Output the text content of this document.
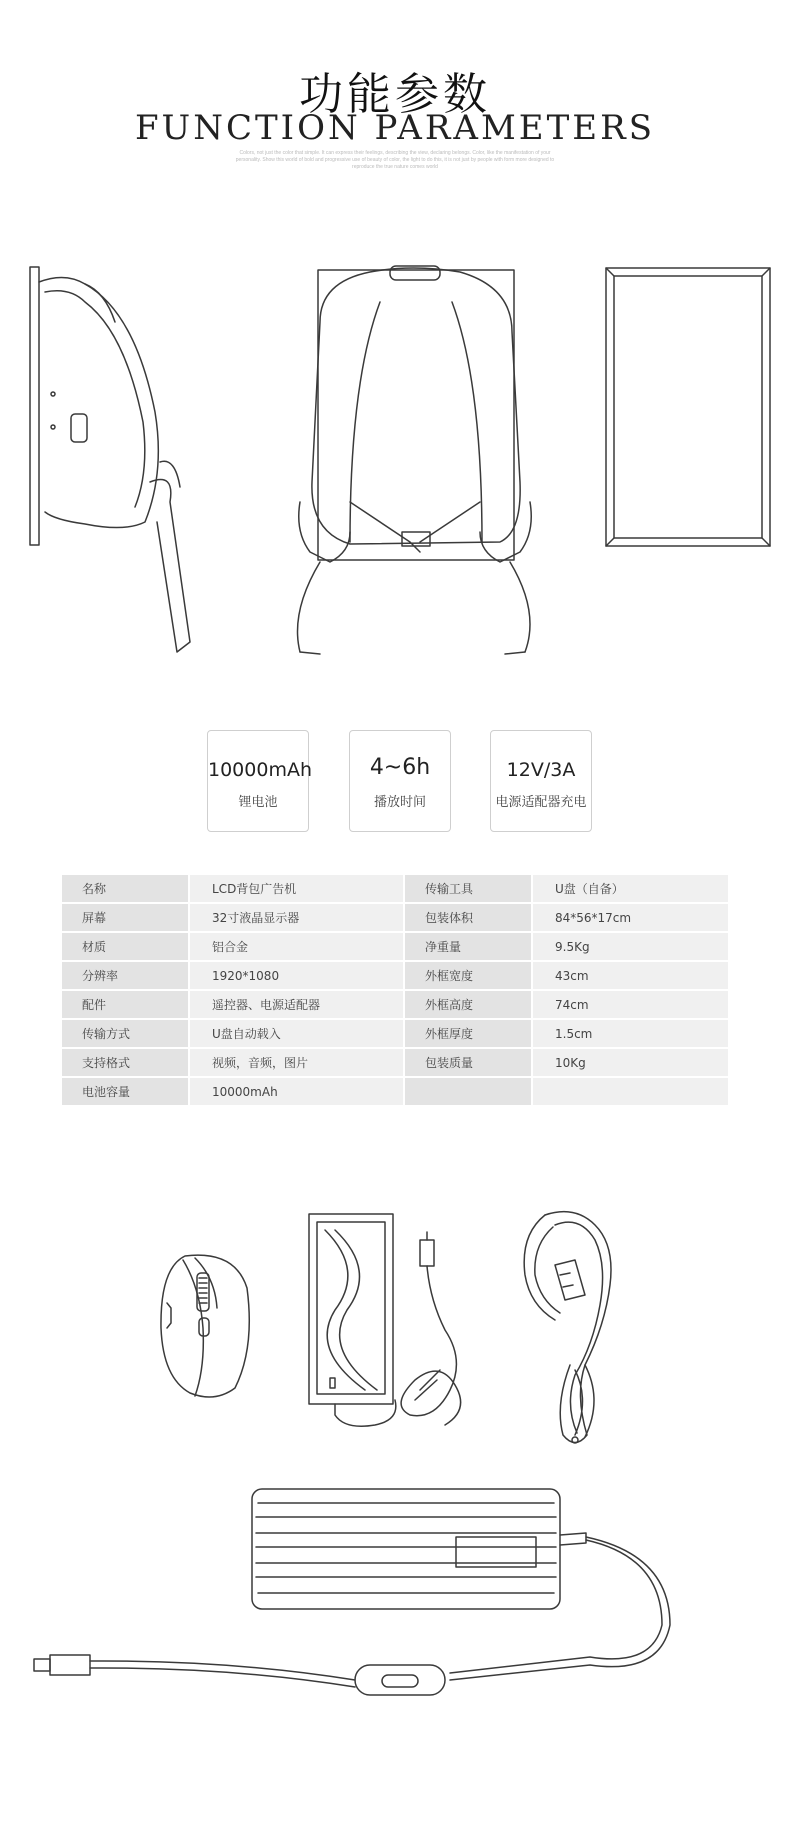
功能参数
FUNCTION PARAMETERS
Colors, not just the color that simple. It can express their feelings, describing the view, declaring belongs. Color, like the manifestation of your personality. Show this world of bold and progressive use of beauty of color, the light to do this, it is not just by people with form more designed to reproduce the true nature comes world
10000mAh
锂电池
4~6h
播放时间
12V/3A
电源适配器充电
名称	LCD背包广告机	传输工具	U盘（自备）
屏幕	32寸液晶显示器	包装体积	84*56*17cm
材质	铝合金	净重量	9.5Kg
分辨率	1920*1080	外框宽度	43cm
配件	遥控器、电源适配器	外框高度	74cm
传输方式	U盘自动载入	外框厚度	1.5cm
支持格式	视频，音频，图片	包装质量	10Kg
电池容量	10000mAh		
